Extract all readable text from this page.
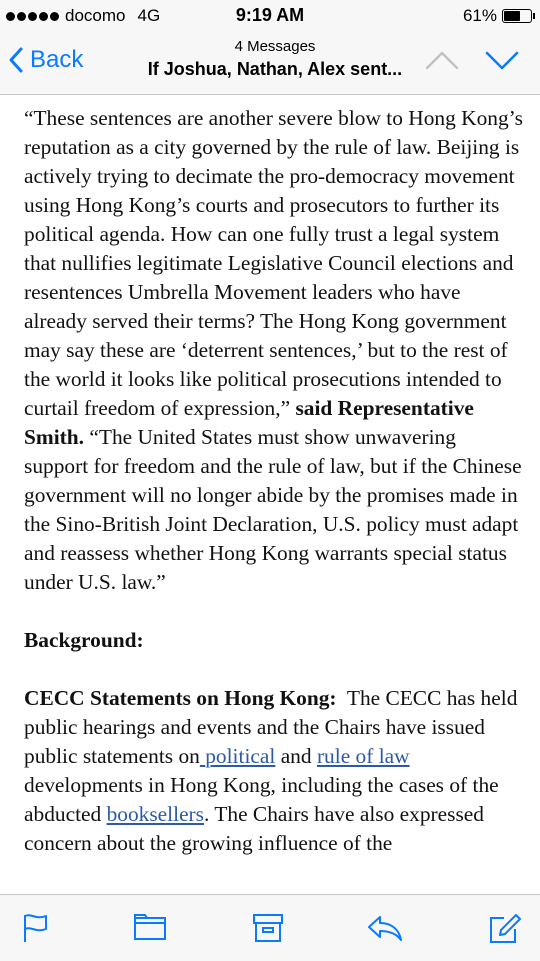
docomo 4G	9:19 AM	61%
Back	4 Messages
If Joshua, Nathan, Alex sent...

“These sentences are another severe blow to Hong Kong’s reputation as a city governed by the rule of law. Beijing is actively trying to decimate the pro-democracy movement using Hong Kong’s courts and prosecutors to further its political agenda. How can one fully trust a legal system that nullifies legitimate Legislative Council elections and resentences Umbrella Movement leaders who have already served their terms? The Hong Kong government may say these are ‘deterrent sentences,’ but to the rest of the world it looks like political prosecutions intended to curtail freedom of expression,” said Representative Smith. “The United States must show unwavering support for freedom and the rule of law, but if the Chinese government will no longer abide by the promises made in the Sino-British Joint Declaration, U.S. policy must adapt and reassess whether Hong Kong warrants special status under U.S. law.”

Background:

CECC Statements on Hong Kong: The CECC has held public hearings and events and the Chairs have issued public statements on political and rule of law developments in Hong Kong, including the cases of the abducted booksellers. The Chairs have also expressed concern about the growing influence of the
